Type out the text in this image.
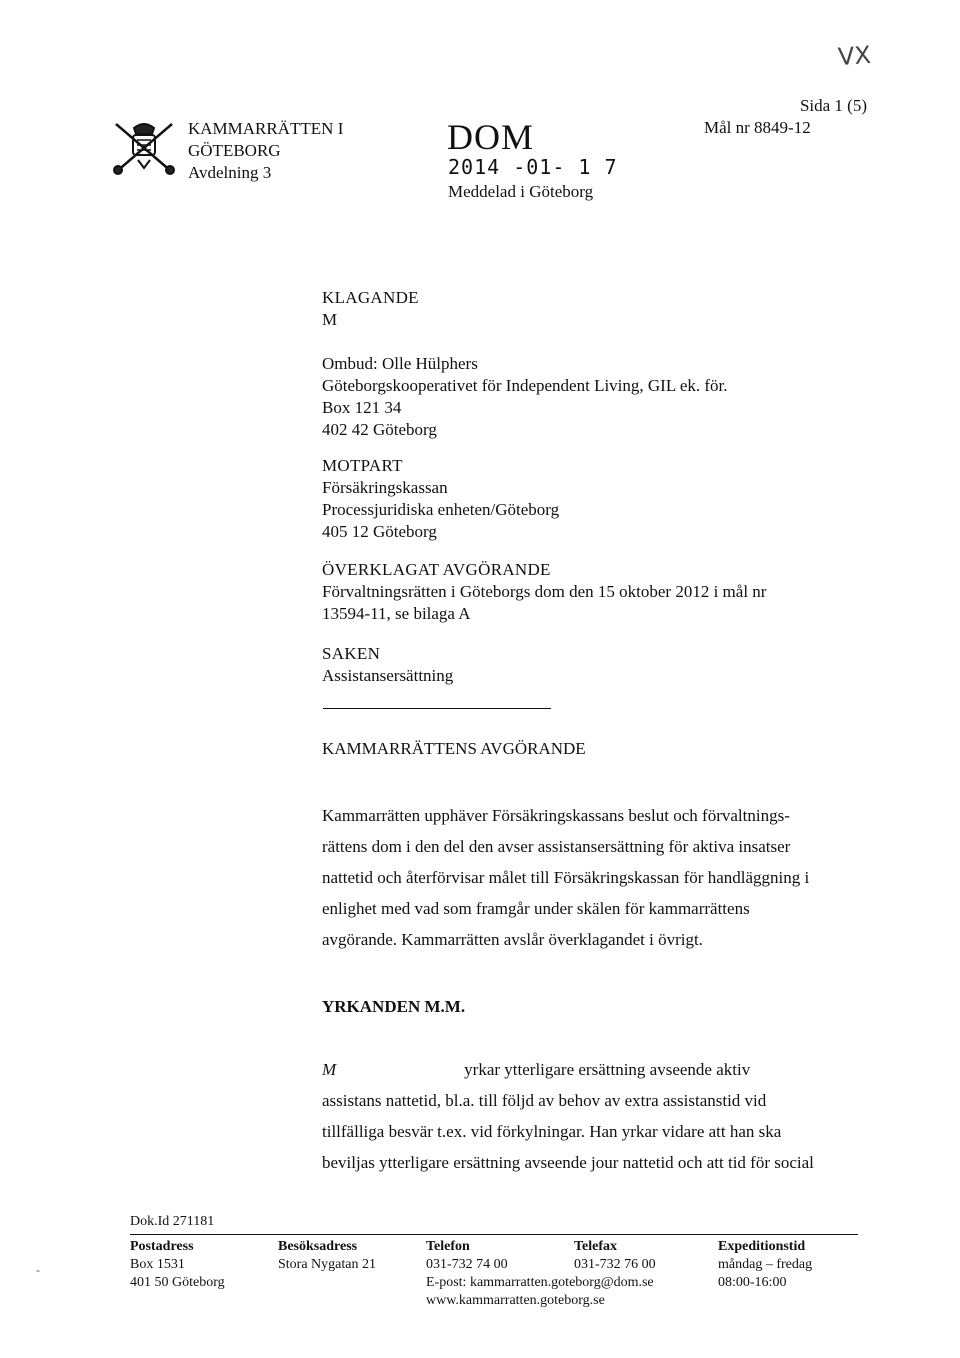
VX
KAMMARRÄTTEN I
GÖTEBORG
Avdelning 3
DOM
2014 -01- 1 7
Meddelad i Göteborg
Sida 1 (5)
Mål nr 8849-12
KLAGANDE
M
Ombud: Olle Hülphers
Göteborgskooperativet för Independent Living, GIL ek. för.
Box 121 34
402 42 Göteborg
MOTPART
Försäkringskassan
Processjuridiska enheten/Göteborg
405 12 Göteborg
ÖVERKLAGAT AVGÖRANDE
Förvaltningsrätten i Göteborgs dom den 15 oktober 2012 i mål nr
13594-11, se bilaga A
SAKEN
Assistansersättning
KAMMARRÄTTENS AVGÖRANDE
Kammarrätten upphäver Försäkringskassans beslut och förvaltnings-
rättens dom i den del den avser assistansersättning för aktiva insatser
nattetid och återförvisar målet till Försäkringskassan för handläggning i
enlighet med vad som framgår under skälen för kammarrättens
avgörande. Kammarrätten avslår överklagandet i övrigt.
YRKANDEN M.M.
M	yrkar ytterligare ersättning avseende aktiv
assistans nattetid, bl.a. till följd av behov av extra assistanstid vid
tillfälliga besvär t.ex. vid förkylningar. Han yrkar vidare att han ska
beviljas ytterligare ersättning avseende jour nattetid och att tid för social
-
Dok.Id 271181
Postadress
Box 1531
401 50 Göteborg
Besöksadress
Stora Nygatan 21
Telefon
031-732 74 00
E-post: kammarratten.goteborg@dom.se
www.kammarratten.goteborg.se
Telefax
031-732 76 00
Expeditionstid
måndag – fredag
08:00-16:00
